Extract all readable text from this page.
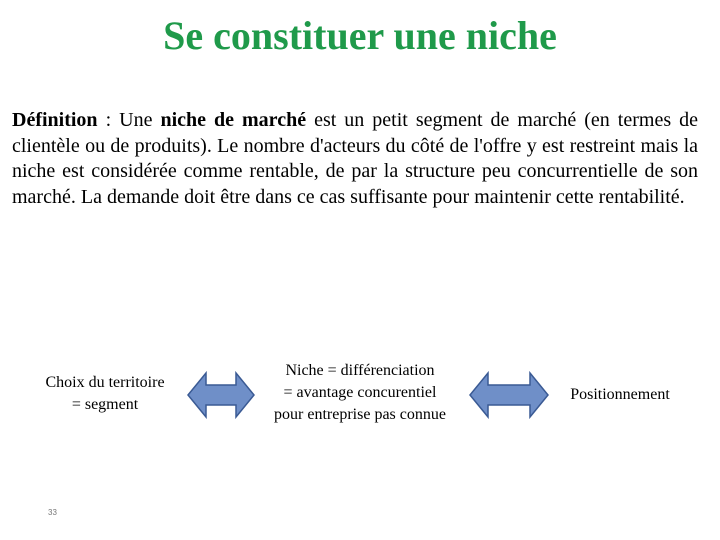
Se constituer une niche
Définition : Une niche de marché est un petit segment de marché (en termes de clientèle ou de produits). Le nombre d'acteurs du côté de l'offre y est restreint mais la niche est considérée comme rentable, de par la structure peu concurrentielle de son marché. La demande doit être dans ce cas suffisante pour maintenir cette rentabilité.
Choix du territoire
= segment
Niche = différenciation
= avantage concurentiel
pour entreprise pas connue
Positionnement
33
